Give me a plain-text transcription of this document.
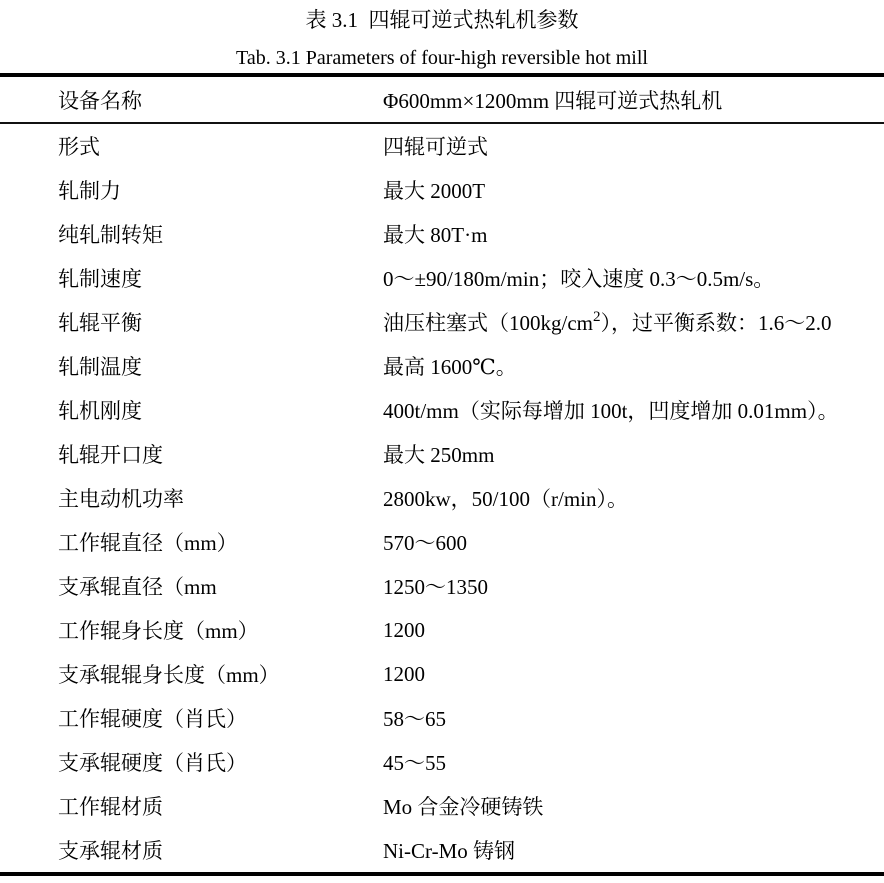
表 3.1  四辊可逆式热轧机参数
Tab. 3.1 Parameters of four-high reversible hot mill
设备名称	Φ600mm×1200mm 四辊可逆式热轧机
形式	四辊可逆式
轧制力	最大 2000T
纯轧制转矩	最大 80T·m
轧制速度	0～±90/180m/min；咬入速度 0.3～0.5m/s。
轧辊平衡	油压柱塞式$(100kg/cm^2)$，过平衡系数：1.6～2.0
轧制温度	最高 1600℃。
轧机刚度	400t/mm（实际每增加 100t，凹度增加 0.01mm）。
轧辊开口度	最大 250mm
主电动机功率	2800kw，50/100（r/min）。
工作辊直径（mm）	570～600
支承辊直径（mm	1250～1350
工作辊身长度（mm）	1200
支承辊辊身长度（mm）	1200
工作辊硬度（肖氏）	58～65
支承辊硬度（肖氏）	45～55
工作辊材质	Mo 合金冷硬铸铁
支承辊材质	Ni-Cr-Mo 铸钢
